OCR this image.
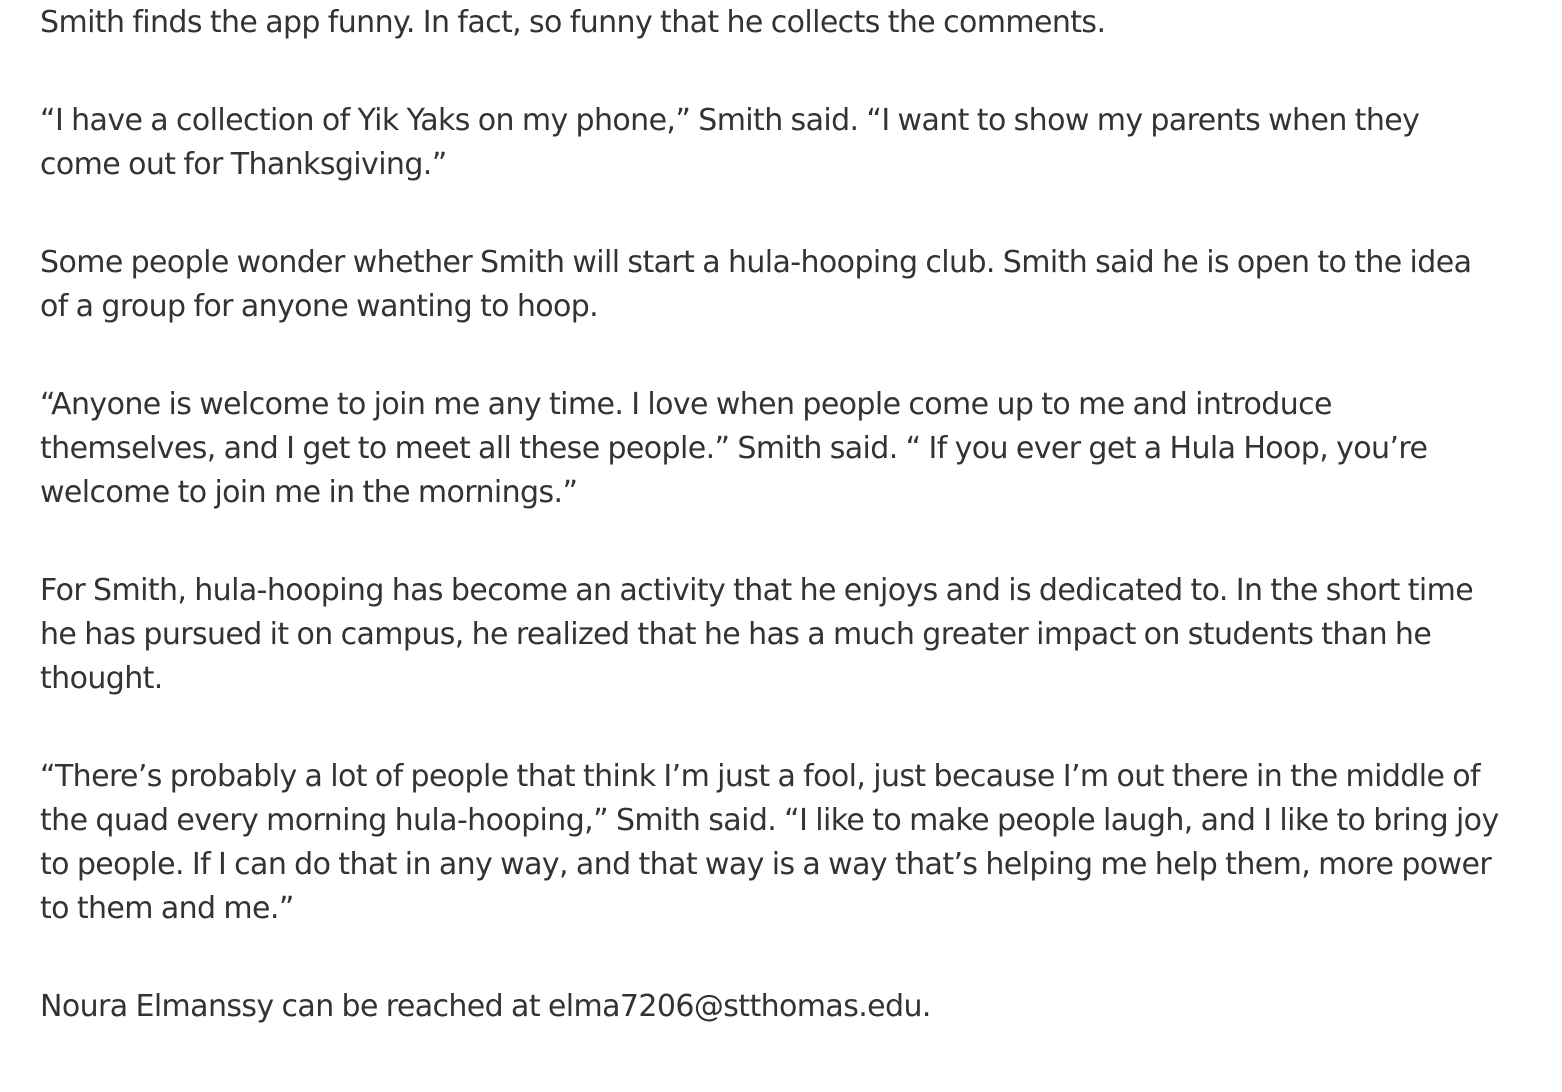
Smith finds the app funny. In fact, so funny that he collects the comments.

“I have a collection of Yik Yaks on my phone,” Smith said. “I want to show my parents when they come out for Thanksgiving.”

Some people wonder whether Smith will start a hula-hooping club. Smith said he is open to the idea of a group for anyone wanting to hoop.

“Anyone is welcome to join me any time. I love when people come up to me and introduce themselves, and I get to meet all these people.” Smith said. “ If you ever get a Hula Hoop, you’re welcome to join me in the mornings.”

For Smith, hula-hooping has become an activity that he enjoys and is dedicated to. In the short time he has pursued it on campus, he realized that he has a much greater impact on students than he thought.

“There’s probably a lot of people that think I’m just a fool, just because I’m out there in the middle of the quad every morning hula-hooping,” Smith said. “I like to make people laugh, and I like to bring joy to people. If I can do that in any way, and that way is a way that’s helping me help them, more power to them and me.”

Noura Elmanssy can be reached at elma7206@stthomas.edu.
